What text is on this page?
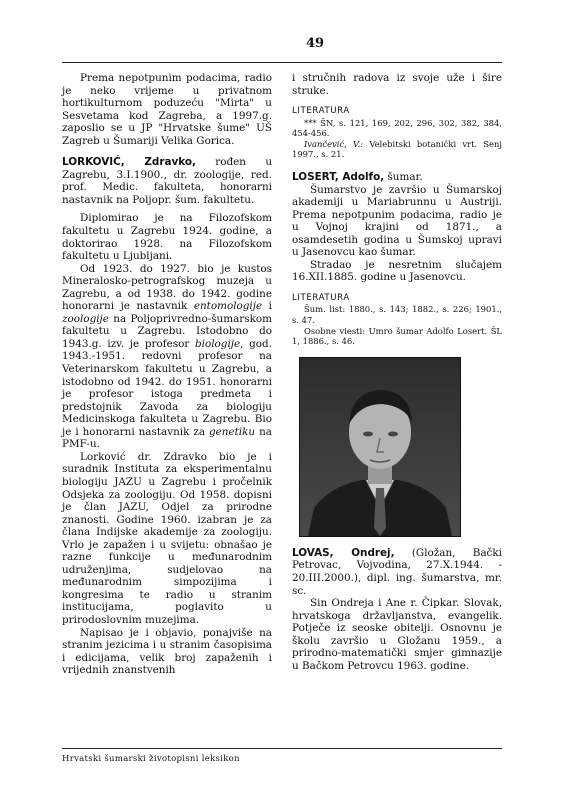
49

Prema nepotpunim podacima, radio je neko vrijeme u privatnom hortikulturnom poduzeću "Mirta" u Sesvetama kod Zagreba, a 1997.g. zaposlio se u JP "Hrvatske šume" UŠ Zagreb u Šumariji Velika Gorica.

LORKOVIĆ, Zdravko, rođen u Zagrebu, 3.I.1900., dr. zoologije, red. prof. Medic. fakulteta, honorarni nastavnik na Poljopr. šum. fakultetu.

Diplomirao je na Filozofskom fakultetu u Zagrebu 1924. godine, a doktorirao 1928. na Filozofskom fakultetu u Ljubljani.

Od 1923. do 1927. bio je kustos Mineralosko-petrografskog muzeja u Zagrebu, a od 1938. do 1942. godine honorarni je nastavnik entomologije i zoologije na Poljoprivredno-šumarskom fakultetu u Zagrebu. Istodobno do 1943.g. izv. je profesor biologije, god. 1943.-1951. redovni profesor na Veterinarskom fakultetu u Zagrebu, a istodobno od 1942. do 1951. honorarni je profesor istoga predmeta i predstojnik Zavoda za biologiju Medicinskoga fakulteta u Zagrebu. Bio je i honorarni nastavnik za genetiku na PMF-u.

Lorković dr. Zdravko bio je i suradnik Instituta za eksperimentalnu biologiju JAZU u Zagrebu i pročelnik Odsjeka za zoologiju. Od 1958. dopisni je član JAZU, Odjel za prirodne znanosti. Godine 1960. izabran je za člana Indijske akademije za zoologiju. Vrlo je zapažen i u svijetu: obnašao je razne funkcije u međunarodnim udruženjima, sudjelovao na međunarodnim simpozijima i kongresima te radio u stranim institucijama, poglavito u prirodoslovnim muzejima.

Napisao je i objavio, ponajviše na stranim jezicima i u stranim časopisima i edicijama, velik broj zapaženih i vrijednih znanstvenih

i stručnih radova iz svoje uže i šire struke.

LITERATURA

*** ŠN, s. 121, 169, 202, 296, 302, 382, 384, 454-456.

Ivančević, V.: Velebitski botanički vrt. Senj 1997., s. 21.

LOSERT, Adolfo, šumar.

Šumarstvo je završio u Šumarskoj akademiji u Mariabrunnu u Austriji. Prema nepotpunim podacima, radio je u Vojnoj krajini od 1871., a osamdesetih godina u Šumskoj upravi u Jasenovcu kao šumar.

Stradao je nesretnim slučajem 16.XII.1885. godine u Jasenovcu.

LITERATURA

Šum. list: 1880., s. 143; 1882., s. 226; 1901., s. 47.

Osobne viesti: Umro šumar Adolfo Losert. ŠL 1, 1886., s. 46.

LOVAS, Ondrej, (Gložan, Bački Petrovac, Vojvodina, 27.X.1944. - 20.III.2000.), dipl. ing. šumarstva, mr. sc.

Sin Ondreja i Ane r. Čipkar. Slovak, hrvatskoga državljanstva, evangelik. Potječe iz seoske obitelji. Osnovnu je školu završio u Gložanu 1959., a prirodno-matematički smjer gimnazije u Bačkom Petrovcu 1963. godine.

Hrvatski šumarski životopisni leksikon
